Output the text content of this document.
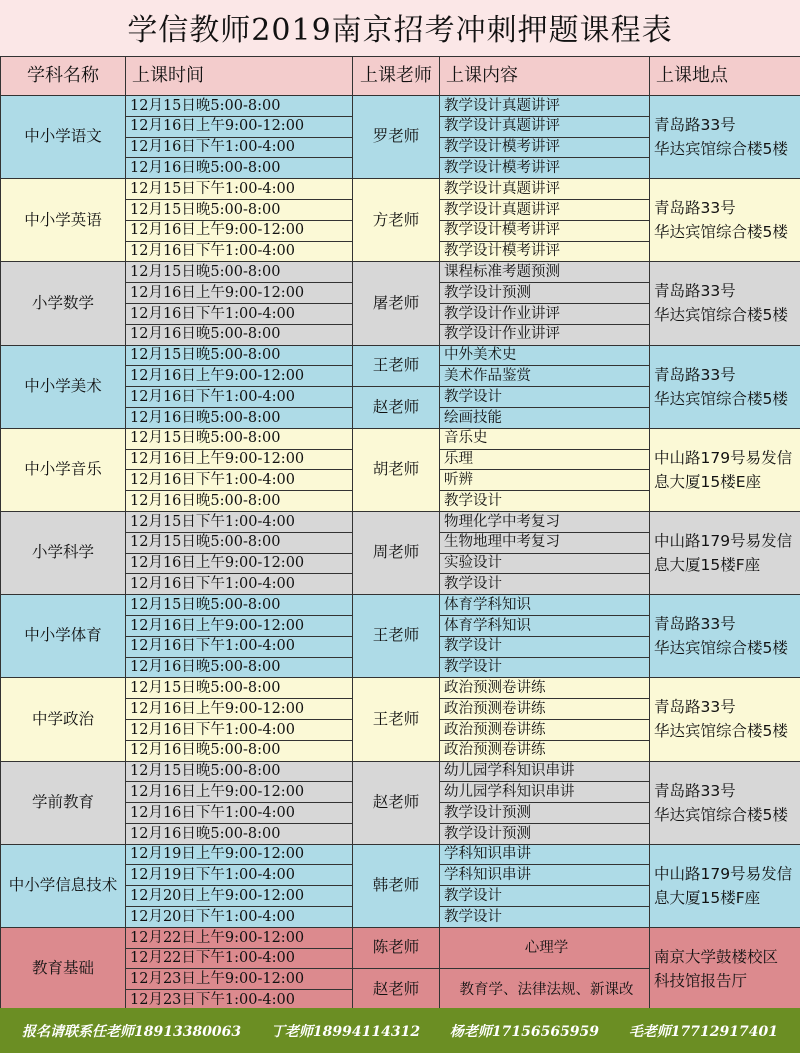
学信教师2019南京招考冲刺押题课程表
学科名称	上课时间	上课老师	上课内容	上课地点
中小学语文	12月15日晚5:00-8:00	罗老师	教学设计真题讲评	青岛路33号
华达宾馆综合楼5楼

	12月16日上午9:00-12:00		教学设计真题讲评	
	12月16日下午1:00-4:00		教学设计模考讲评	
	12月16日晚5:00-8:00		教学设计模考讲评	
中小学英语	12月15日下午1:00-4:00	方老师	教学设计真题讲评	青岛路33号
华达宾馆综合楼5楼

	12月15日晚5:00-8:00		教学设计真题讲评	
	12月16日上午9:00-12:00		教学设计模考讲评	
	12月16日下午1:00-4:00		教学设计模考讲评	
小学数学	12月15日晚5:00-8:00	屠老师	课程标准考题预测	青岛路33号
华达宾馆综合楼5楼

	12月16日上午9:00-12:00		教学设计预测	
	12月16日下午1:00-4:00		教学设计作业讲评	
	12月16日晚5:00-8:00		教学设计作业讲评	
中小学美术	12月15日晚5:00-8:00	王老师	中外美术史	青岛路33号
华达宾馆综合楼5楼

	12月16日上午9:00-12:00		美术作品鉴赏	
	12月16日下午1:00-4:00	赵老师	教学设计	
	12月16日晚5:00-8:00		绘画技能	
中小学音乐	12月15日晚5:00-8:00	胡老师	音乐史	中山路179号易发信
息大厦15楼E座

	12月16日上午9:00-12:00		乐理	
	12月16日下午1:00-4:00		听辨	
	12月16日晚5:00-8:00		教学设计	
小学科学	12月15日下午1:00-4:00	周老师	物理化学中考复习	中山路179号易发信
息大厦15楼F座

	12月15日晚5:00-8:00		生物地理中考复习	
	12月16日上午9:00-12:00		实验设计	
	12月16日下午1:00-4:00		教学设计	
中小学体育	12月15日晚5:00-8:00	王老师	体育学科知识	青岛路33号
华达宾馆综合楼5楼

	12月16日上午9:00-12:00		体育学科知识	
	12月16日下午1:00-4:00		教学设计	
	12月16日晚5:00-8:00		教学设计	
中学政治	12月15日晚5:00-8:00	王老师	政治预测卷讲练	青岛路33号
华达宾馆综合楼5楼

	12月16日上午9:00-12:00		政治预测卷讲练	
	12月16日下午1:00-4:00		政治预测卷讲练	
	12月16日晚5:00-8:00		政治预测卷讲练	
学前教育	12月15日晚5:00-8:00	赵老师	幼儿园学科知识串讲	青岛路33号
华达宾馆综合楼5楼

	12月16日上午9:00-12:00		幼儿园学科知识串讲	
	12月16日下午1:00-4:00		教学设计预测	
	12月16日晚5:00-8:00		教学设计预测	
中小学信息技术	12月19日上午9:00-12:00	韩老师	学科知识串讲	中山路179号易发信
息大厦15楼F座

	12月19日下午1:00-4:00		学科知识串讲	
	12月20日上午9:00-12:00		教学设计	
	12月20日下午1:00-4:00		教学设计	
教育基础	12月22日上午9:00-12:00	陈老师	心理学	南京大学鼓楼校区
科技馆报告厅

	12月22日下午1:00-4:00			
	12月23日上午9:00-12:00	赵老师	教育学、法律法规、新课改	
	12月23日下午1:00-4:00			
报名请联系任老师18913380063 丁老师18994114312 杨老师17156565959 毛老师17712917401
